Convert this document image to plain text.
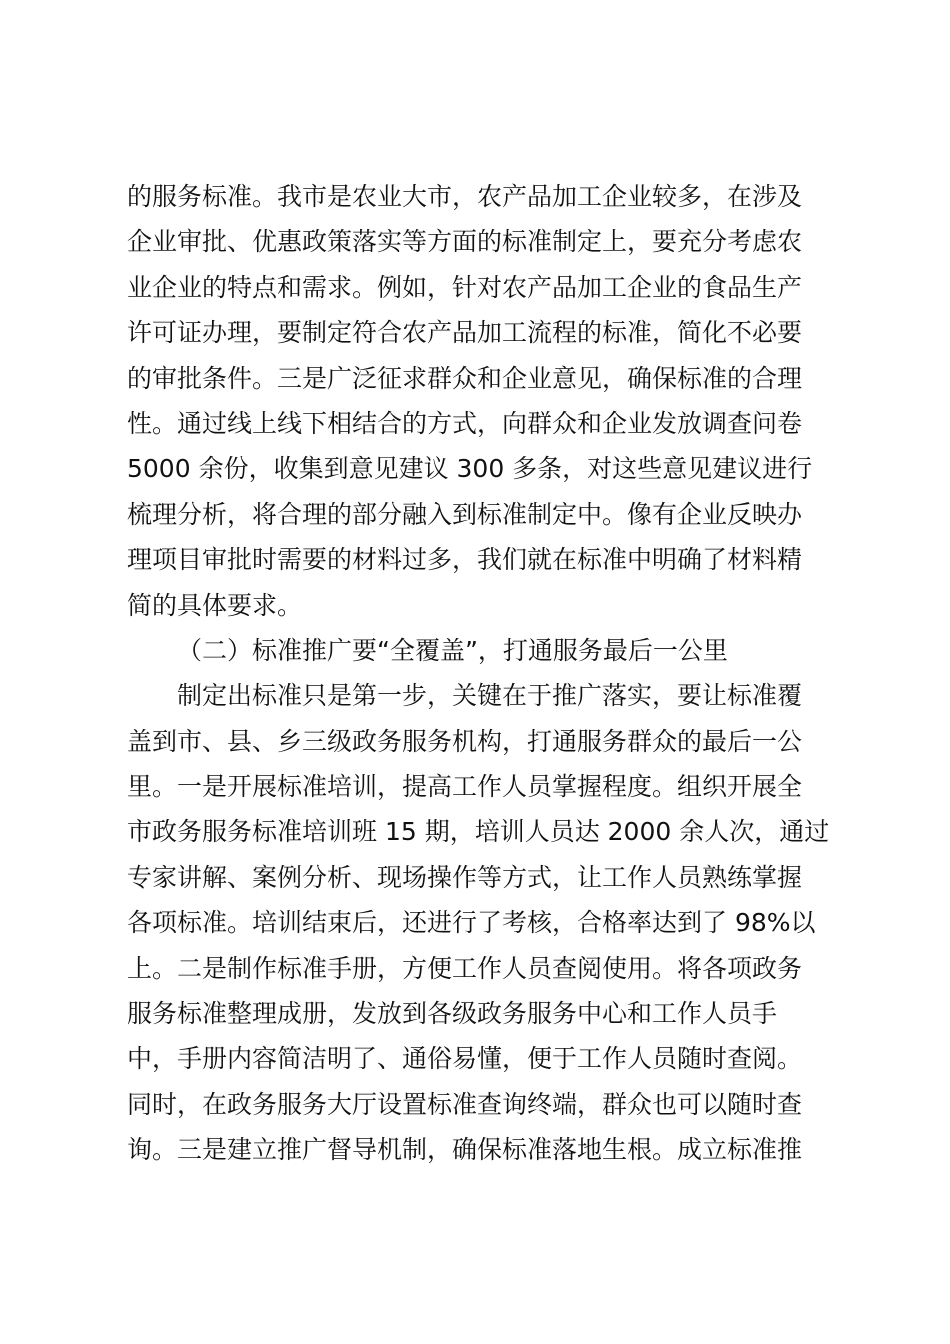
的服务标准。我市是农业大市，农产品加工企业较多，在涉及
企业审批、优惠政策落实等方面的标准制定上，要充分考虑农
业企业的特点和需求。例如，针对农产品加工企业的食品生产
许可证办理，要制定符合农产品加工流程的标准，简化不必要
的审批条件。三是广泛征求群众和企业意见，确保标准的合理
性。通过线上线下相结合的方式，向群众和企业发放调查问卷
5000 余份，收集到意见建议 300 多条，对这些意见建议进行
梳理分析，将合理的部分融入到标准制定中。像有企业反映办
理项目审批时需要的材料过多，我们就在标准中明确了材料精
简的具体要求。
（二）标准推广要“全覆盖”，打通服务最后一公里
制定出标准只是第一步，关键在于推广落实，要让标准覆
盖到市、县、乡三级政务服务机构，打通服务群众的最后一公
里。一是开展标准培训，提高工作人员掌握程度。组织开展全
市政务服务标准培训班 15 期，培训人员达 2000 余人次，通过
专家讲解、案例分析、现场操作等方式，让工作人员熟练掌握
各项标准。培训结束后，还进行了考核，合格率达到了 98%以
上。二是制作标准手册，方便工作人员查阅使用。将各项政务
服务标准整理成册，发放到各级政务服务中心和工作人员手
中，手册内容简洁明了、通俗易懂，便于工作人员随时查阅。
同时，在政务服务大厅设置标准查询终端，群众也可以随时查
询。三是建立推广督导机制，确保标准落地生根。成立标准推
